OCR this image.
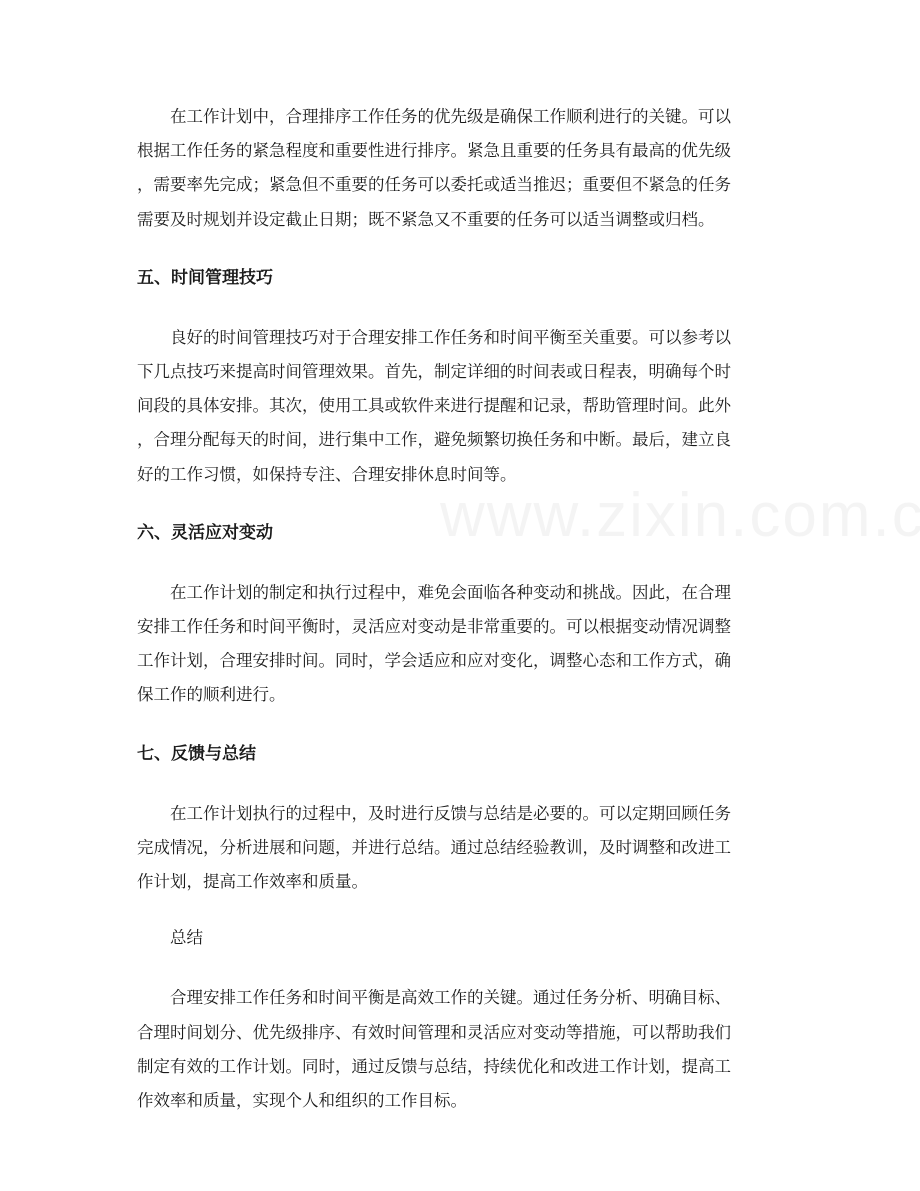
在工作计划中，合理排序工作任务的优先级是确保工作顺利进行的关键。可以
根据工作任务的紧急程度和重要性进行排序。紧急且重要的任务具有最高的优先级
，需要率先完成；紧急但不重要的任务可以委托或适当推迟；重要但不紧急的任务
需要及时规划并设定截止日期；既不紧急又不重要的任务可以适当调整或归档。

五、时间管理技巧

良好的时间管理技巧对于合理安排工作任务和时间平衡至关重要。可以参考以
下几点技巧来提高时间管理效果。首先，制定详细的时间表或日程表，明确每个时
间段的具体安排。其次，使用工具或软件来进行提醒和记录，帮助管理时间。此外
，合理分配每天的时间，进行集中工作，避免频繁切换任务和中断。最后，建立良
好的工作习惯，如保持专注、合理安排休息时间等。

六、灵活应对变动

在工作计划的制定和执行过程中，难免会面临各种变动和挑战。因此，在合理
安排工作任务和时间平衡时，灵活应对变动是非常重要的。可以根据变动情况调整
工作计划，合理安排时间。同时，学会适应和应对变化，调整心态和工作方式，确
保工作的顺利进行。

七、反馈与总结

在工作计划执行的过程中，及时进行反馈与总结是必要的。可以定期回顾任务
完成情况，分析进展和问题，并进行总结。通过总结经验教训，及时调整和改进工
作计划，提高工作效率和质量。

总结

合理安排工作任务和时间平衡是高效工作的关键。通过任务分析、明确目标、
合理时间划分、优先级排序、有效时间管理和灵活应对变动等措施，可以帮助我们
制定有效的工作计划。同时，通过反馈与总结，持续优化和改进工作计划，提高工
作效率和质量，实现个人和组织的工作目标。
